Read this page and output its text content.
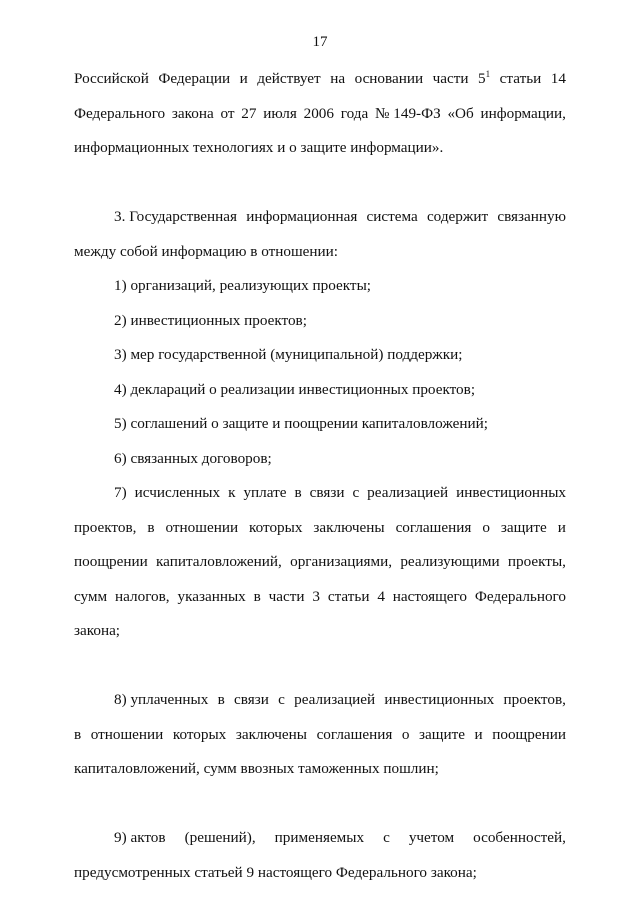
17
Российской Федерации и действует на основании части $5^1$ статьи 14
Федерального закона от 27 июля 2006 года № 149-ФЗ «Об информации,
информационных технологиях и о защите информации».
3. Государственная информационная система содержит связанную
между собой информацию в отношении:
1) организаций, реализующих проекты;
2) инвестиционных проектов;
3) мер государственной (муниципальной) поддержки;
4) деклараций о реализации инвестиционных проектов;
5) соглашений о защите и поощрении капиталовложений;
6) связанных договоров;
7) исчисленных к уплате в связи с реализацией инвестиционных
проектов, в отношении которых заключены соглашения о защите и
поощрении капиталовложений, организациями, реализующими проекты,
сумм налогов, указанных в части 3 статьи 4 настоящего Федерального
закона;
8) уплаченных в связи с реализацией инвестиционных проектов,
в отношении которых заключены соглашения о защите и поощрении
капиталовложений, сумм ввозных таможенных пошлин;
9) актов (решений), применяемых с учетом особенностей,
предусмотренных статьей 9 настоящего Федерального закона;
